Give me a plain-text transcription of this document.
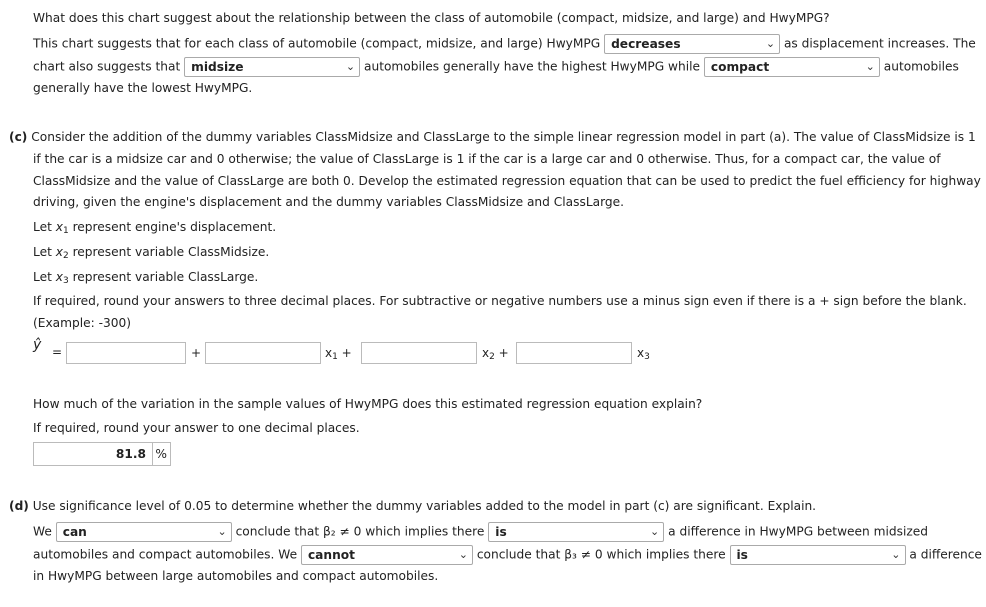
What does this chart suggest about the relationship between the class of automobile (compact, midsize, and large) and HwyMPG?
This chart suggests that for each class of automobile (compact, midsize, and large) HwyMPG decreases	⌄ as displacement increases. The
chart also suggests that midsize	⌄ automobiles generally have the highest HwyMPG while compact	⌄ automobiles
generally have the lowest HwyMPG.
(c) Consider the addition of the dummy variables ClassMidsize and ClassLarge to the simple linear regression model in part (a). The value of ClassMidsize is 1
if the car is a midsize car and 0 otherwise; the value of ClassLarge is 1 if the car is a large car and 0 otherwise. Thus, for a compact car, the value of
ClassMidsize and the value of ClassLarge are both 0. Develop the estimated regression equation that can be used to predict the fuel efficiency for highway
driving, given the engine's displacement and the dummy variables ClassMidsize and ClassLarge.
Let $x_1$ represent engine's displacement.
Let $x_2$ represent variable ClassMidsize.
Let $x_3$ represent variable ClassLarge.
If required, round your answers to three decimal places. For subtractive or negative numbers use a minus sign even if there is a + sign before the blank.
(Example: -300)
ŷ =	+	$x_1$ +	$x_2$ +	$x_3$
How much of the variation in the sample values of HwyMPG does this estimated regression equation explain?
If required, round your answer to one decimal places.
81.8 %
(d) Use significance level of 0.05 to determine whether the dummy variables added to the model in part (c) are significant. Explain.
We can	⌄ conclude that β₂ ≠ 0 which implies there is	⌄ a difference in HwyMPG between midsized
automobiles and compact automobiles. We cannot	⌄ conclude that β₃ ≠ 0 which implies there is	⌄ a difference
in HwyMPG between large automobiles and compact automobiles.
